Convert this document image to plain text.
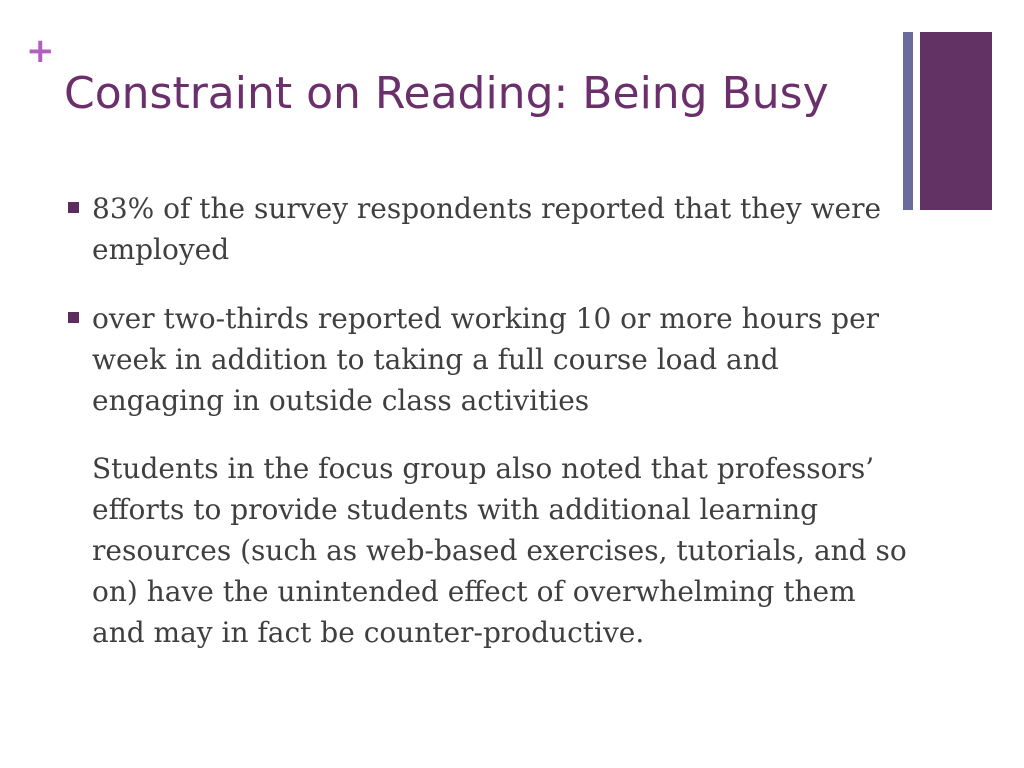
+
Constraint on Reading: Being Busy
83% of the survey respondents reported that they were employed
over two-thirds reported working 10 or more hours per week in addition to taking a full course load and engaging in outside class activities

Students in the focus group also noted that professors’ efforts to provide students with additional learning resources (such as web-based exercises, tutorials, and so on) have the unintended effect of overwhelming them and may in fact be counter-productive.
